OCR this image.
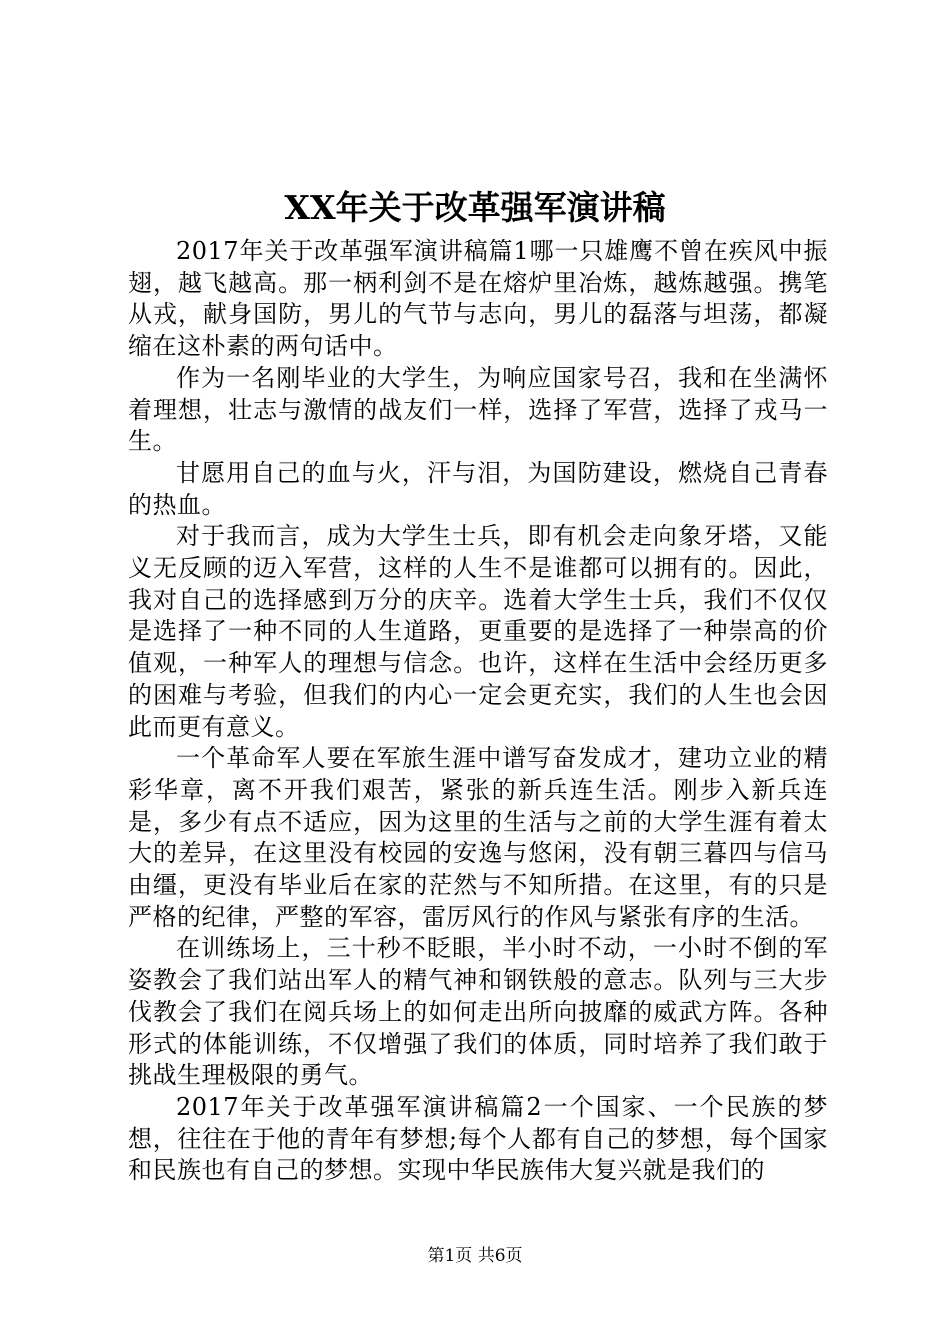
XX年关于改革强军演讲稿

2017年关于改革强军演讲稿篇1哪一只雄鹰不曾在疾风中振翅，越飞越高。那一柄利剑不是在熔炉里冶炼，越炼越强。携笔从戎，献身国防，男儿的气节与志向，男儿的磊落与坦荡，都凝缩在这朴素的两句话中。

作为一名刚毕业的大学生，为响应国家号召，我和在坐满怀着理想，壮志与激情的战友们一样，选择了军营，选择了戎马一生。

甘愿用自己的血与火，汗与泪，为国防建设，燃烧自己青春的热血。

对于我而言，成为大学生士兵，即有机会走向象牙塔，又能义无反顾的迈入军营，这样的人生不是谁都可以拥有的。因此，我对自己的选择感到万分的庆辛。选着大学生士兵，我们不仅仅是选择了一种不同的人生道路，更重要的是选择了一种崇高的价值观，一种军人的理想与信念。也许，这样在生活中会经历更多的困难与考验，但我们的内心一定会更充实，我们的人生也会因此而更有意义。

一个革命军人要在军旅生涯中谱写奋发成才，建功立业的精彩华章，离不开我们艰苦，紧张的新兵连生活。刚步入新兵连是，多少有点不适应，因为这里的生活与之前的大学生涯有着太大的差异，在这里没有校园的安逸与悠闲，没有朝三暮四与信马由缰，更没有毕业后在家的茫然与不知所措。在这里，有的只是严格的纪律，严整的军容，雷厉风行的作风与紧张有序的生活。

在训练场上，三十秒不眨眼，半小时不动，一小时不倒的军姿教会了我们站出军人的精气神和钢铁般的意志。队列与三大步伐教会了我们在阅兵场上的如何走出所向披靡的威武方阵。各种形式的体能训练，不仅增强了我们的体质，同时培养了我们敢于挑战生理极限的勇气。

2017年关于改革强军演讲稿篇2一个国家、一个民族的梦想，往往在于他的青年有梦想;每个人都有自己的梦想，每个国家和民族也有自己的梦想。实现中华民族伟大复兴就是我们的

第1页 共6页
